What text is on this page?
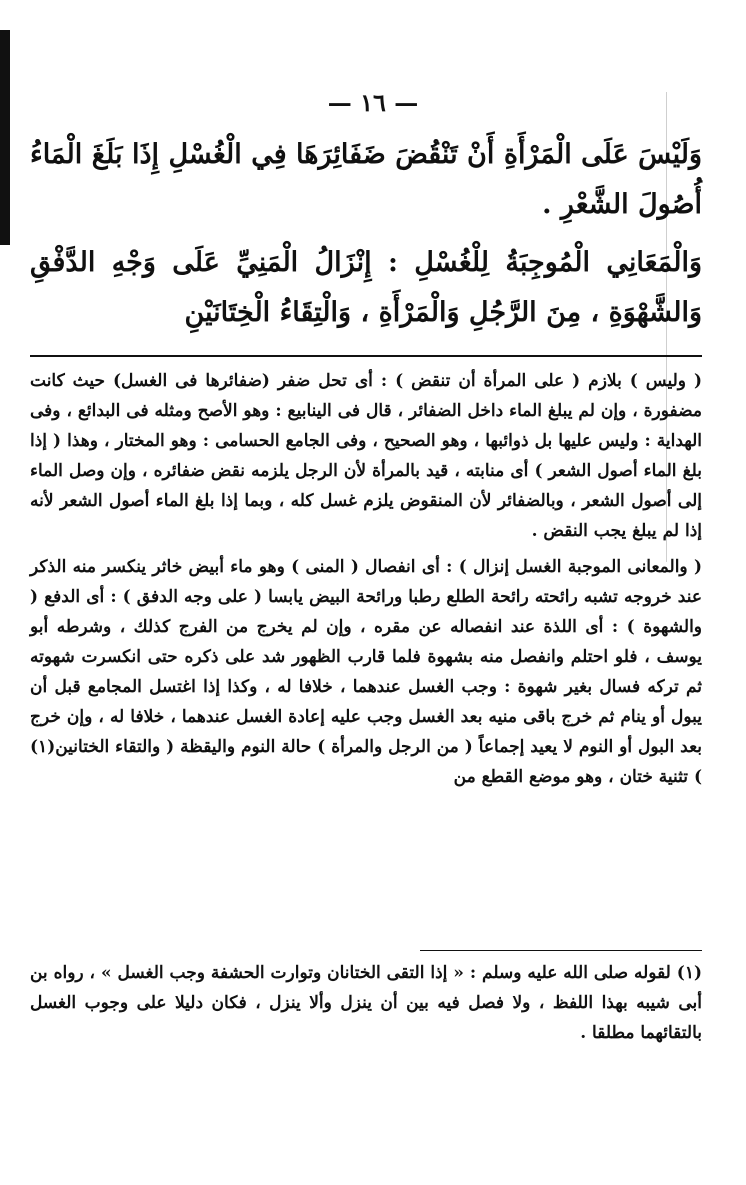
— ١٦ —

وَلَيْسَ عَلَى الْمَرْأَةِ أَنْ تَنْقُضَ ضَفَائِرَهَا فِي الْغُسْلِ إِذَا بَلَغَ الْمَاءُ أُصُولَ الشَّعْرِ .

وَالْمَعَانِي الْمُوجِبَةُ لِلْغُسْلِ : إِنْزَالُ الْمَنِيِّ عَلَى وَجْهِ الدَّفْقِ وَالشَّهْوَةِ ، مِنَ الرَّجُلِ وَالْمَرْأَةِ ، وَالْتِقَاءُ الْخِتَانَيْنِ

( وليس ) بلازم ( على المرأة أن تنقض ) : أى تحل ضفر (ضفائرها فى الغسل) حيث كانت مضفورة ، وإن لم يبلغ الماء داخل الضفائر ، قال فى الينابيع : وهو الأصح ومثله فى البدائع ، وفى الهداية : وليس عليها بل ذوائبها ، وهو الصحيح ، وفى الجامع الحسامى : وهو المختار ، وهذا ( إذا بلغ الماء أصول الشعر ) أى منابته ، قيد بالمرأة لأن الرجل يلزمه نقض ضفائره ، وإن وصل الماء إلى أصول الشعر ، وبالضفائر لأن المنقوض يلزم غسل كله ، وبما إذا بلغ الماء أصول الشعر لأنه إذا لم يبلغ يجب النقض .

( والمعانى الموجبة الغسل إنزال ) : أى انفصال ( المنى ) وهو ماء أبيض خاثر ينكسر منه الذكر عند خروجه تشبه رائحته رائحة الطلع رطبا ورائحة البيض يابسا ( على وجه الدفق ) : أى الدفع ( والشهوة ) : أى اللذة عند انفصاله عن مقره ، وإن لم يخرج من الفرج كذلك ، وشرطه أبو يوسف ، فلو احتلم وانفصل منه بشهوة فلما قارب الظهور شد على ذكره حتى انكسرت شهوته ثم تركه فسال بغير شهوة : وجب الغسل عندهما ، خلافا له ، وكذا إذا اغتسل المجامع قبل أن يبول أو ينام ثم خرج باقى منيه بعد الغسل وجب عليه إعادة الغسل عندهما ، خلافا له ، وإن خرج بعد البول أو النوم لا يعيد إجماعاً ( من الرجل والمرأة ) حالة النوم واليقظة ( والتقاء الختانين(١) ) تثنية ختان ، وهو موضع القطع من

(١) لقوله صلى الله عليه وسلم : « إذا التقى الختانان وتوارت الحشفة وجب الغسل » ، رواه بن أبى شيبه بهذا اللفظ ، ولا فصل فيه بين أن ينزل وألا ينزل ، فكان دليلا على وجوب الغسل بالتقائهما مطلقا .
